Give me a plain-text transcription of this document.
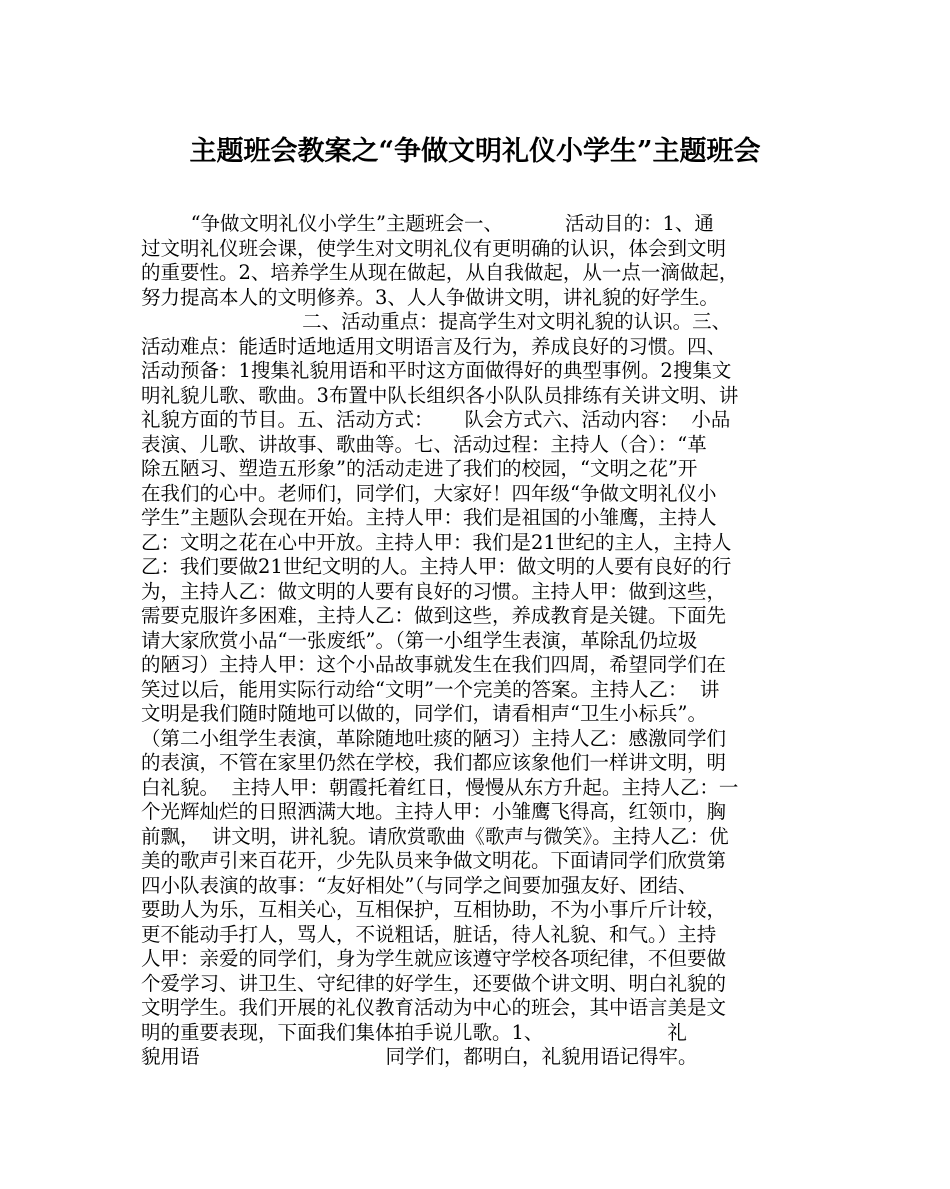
主题班会教案之“争做文明礼仪小学生”主题班会
“争做文明礼仪小学生”主题班会一、          活动目的：1、通
过文明礼仪班会课，使学生对文明礼仪有更明确的认识，体会到文明
的重要性。2、培养学生从现在做起，从自我做起，从一点一滴做起，
努力提高本人的文明修养。3、人人争做讲文明，讲礼貌的好学生。
二、活动重点：提高学生对文明礼貌的认识。三、
活动难点：能适时适地适用文明语言及行为，养成良好的习惯。四、
活动预备：1搜集礼貌用语和平时这方面做得好的典型事例。2搜集文
明礼貌儿歌、歌曲。3布置中队长组织各小队队员排练有关讲文明、讲
礼貌方面的节目。五、活动方式：     队会方式六、活动内容：  小品
表演、儿歌、讲故事、歌曲等。七、活动过程：主持人（合）：“革
除五陋习、塑造五形象”的活动走进了我们的校园，“文明之花”开
在我们的心中。老师们，同学们，大家好！四年级“争做文明礼仪小
学生”主题队会现在开始。主持人甲：我们是祖国的小雏鹰，主持人
乙：文明之花在心中开放。主持人甲：我们是21世纪的主人，主持人
乙：我们要做21世纪文明的人。主持人甲：做文明的人要有良好的行
为，主持人乙：做文明的人要有良好的习惯。主持人甲：做到这些，
需要克服许多困难，主持人乙：做到这些，养成教育是关键。下面先
请大家欣赏小品“一张废纸”。（第一小组学生表演，革除乱仍垃圾
的陋习）主持人甲：这个小品故事就发生在我们四周，希望同学们在
笑过以后，能用实际行动给“文明”一个完美的答案。主持人乙：  讲
文明是我们随时随地可以做的，同学们，请看相声“卫生小标兵”。
（第二小组学生表演，革除随地吐痰的陋习）主持人乙：感激同学们
的表演，不管在家里仍然在学校，我们都应该象他们一样讲文明，明
白礼貌。  主持人甲：朝霞托着红日，慢慢从东方升起。主持人乙：一
个光辉灿烂的日照洒满大地。主持人甲：小雏鹰飞得高，红领巾，胸
前飘，  讲文明，讲礼貌。请欣赏歌曲《歌声与微笑》。主持人乙：优
美的歌声引来百花开，少先队员来争做文明花。下面请同学们欣赏第
四小队表演的故事：“友好相处”（与同学之间要加强友好、团结、
要助人为乐，互相关心，互相保护，互相协助，不为小事斤斤计较，
更不能动手打人，骂人，不说粗话，脏话，待人礼貌、和气。）主持
人甲：亲爱的同学们，身为学生就应该遵守学校各项纪律，不但要做
个爱学习、讲卫生、守纪律的好学生，还要做个讲文明、明白礼貌的
文明学生。我们开展的礼仪教育活动为中心的班会，其中语言美是文
明的重要表现，下面我们集体拍手说儿歌。1、                    礼
貌用语                              同学们，都明白，礼貌用语记得牢。
